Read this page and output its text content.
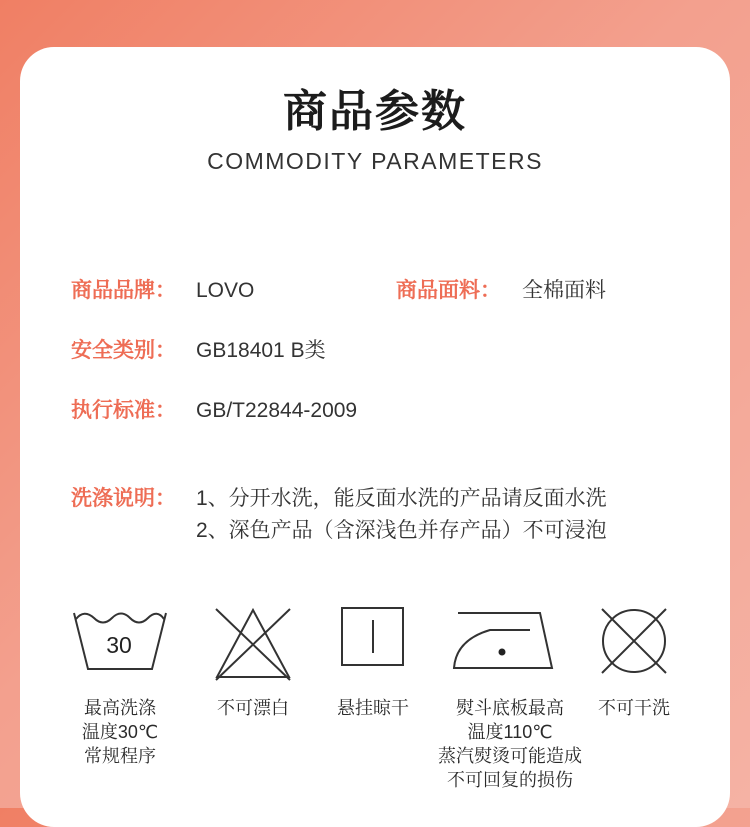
商品参数
COMMODITY PARAMETERS
商品品牌： LOVO	商品面料： 全棉面料
安全类别： GB18401 B类
执行标准： GB/T22844-2009
洗涤说明： 1、分开水洗，能反面水洗的产品请反面水洗
2、深色产品（含深浅色并存产品）不可浸泡
30
最高洗涤
温度30℃
常规程序
不可漂白	悬挂晾干	熨斗底板最高
温度110℃
蒸汽熨烫可能造成
不可回复的损伤
不可干洗
